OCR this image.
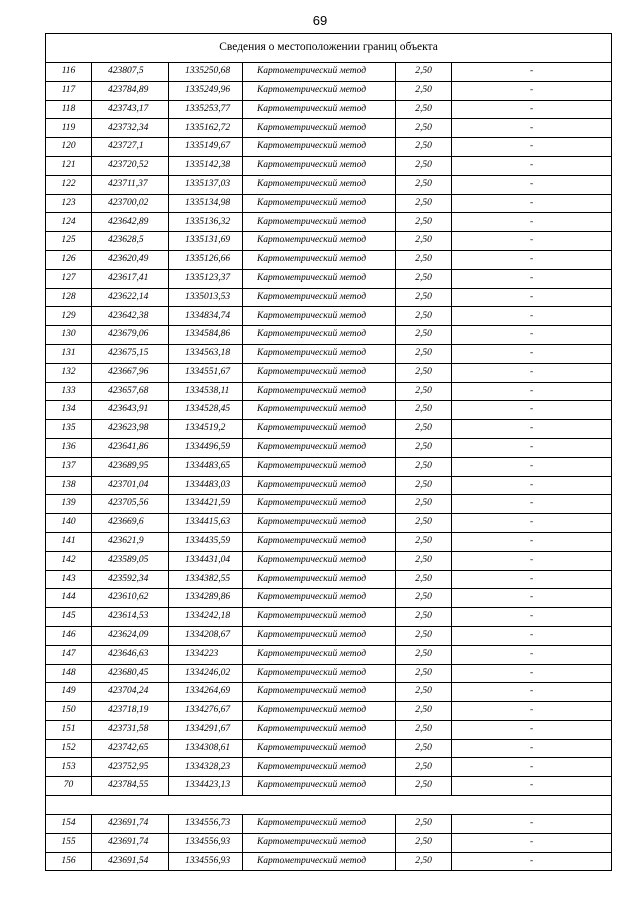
69
Сведения о местоположении границ объекта					
116	423807,5	1335250,68	Картометрический метод	2,50	-
117	423784,89	1335249,96	Картометрический метод	2,50	-
118	423743,17	1335253,77	Картометрический метод	2,50	-
119	423732,34	1335162,72	Картометрический метод	2,50	-
120	423727,1	1335149,67	Картометрический метод	2,50	-
121	423720,52	1335142,38	Картометрический метод	2,50	-
122	423711,37	1335137,03	Картометрический метод	2,50	-
123	423700,02	1335134,98	Картометрический метод	2,50	-
124	423642,89	1335136,32	Картометрический метод	2,50	-
125	423628,5	1335131,69	Картометрический метод	2,50	-
126	423620,49	1335126,66	Картометрический метод	2,50	-
127	423617,41	1335123,37	Картометрический метод	2,50	-
128	423622,14	1335013,53	Картометрический метод	2,50	-
129	423642,38	1334834,74	Картометрический метод	2,50	-
130	423679,06	1334584,86	Картометрический метод	2,50	-
131	423675,15	1334563,18	Картометрический метод	2,50	-
132	423667,96	1334551,67	Картометрический метод	2,50	-
133	423657,68	1334538,11	Картометрический метод	2,50	-
134	423643,91	1334528,45	Картометрический метод	2,50	-
135	423623,98	1334519,2	Картометрический метод	2,50	-
136	423641,86	1334496,59	Картометрический метод	2,50	-
137	423689,95	1334483,65	Картометрический метод	2,50	-
138	423701,04	1334483,03	Картометрический метод	2,50	-
139	423705,56	1334421,59	Картометрический метод	2,50	-
140	423669,6	1334415,63	Картометрический метод	2,50	-
141	423621,9	1334435,59	Картометрический метод	2,50	-
142	423589,05	1334431,04	Картометрический метод	2,50	-
143	423592,34	1334382,55	Картометрический метод	2,50	-
144	423610,62	1334289,86	Картометрический метод	2,50	-
145	423614,53	1334242,18	Картометрический метод	2,50	-
146	423624,09	1334208,67	Картометрический метод	2,50	-
147	423646,63	1334223	Картометрический метод	2,50	-
148	423680,45	1334246,02	Картометрический метод	2,50	-
149	423704,24	1334264,69	Картометрический метод	2,50	-
150	423718,19	1334276,67	Картометрический метод	2,50	-
151	423731,58	1334291,67	Картометрический метод	2,50	-
152	423742,65	1334308,61	Картометрический метод	2,50	-
153	423752,95	1334328,23	Картометрический метод	2,50	-
70	423784,55	1334423,13	Картометрический метод	2,50	-

154	423691,74	1334556,73	Картометрический метод	2,50	-
155	423691,74	1334556,93	Картометрический метод	2,50	-
156	423691,54	1334556,93	Картометрический метод	2,50	-
